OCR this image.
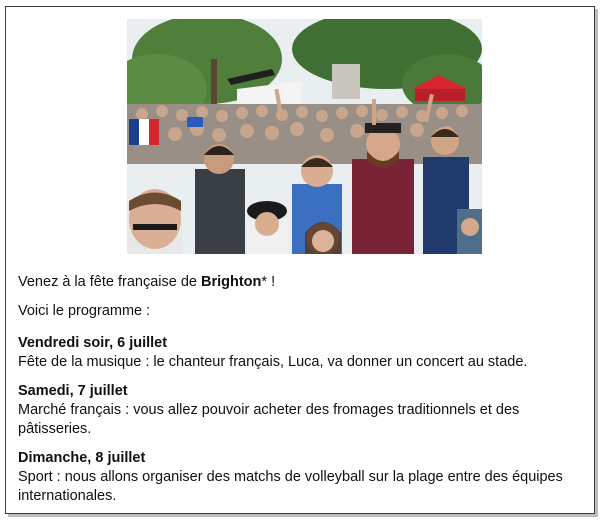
Venez à la fête française de Brighton* !

Voici le programme :

Vendredi soir, 6 juillet

Fête de la musique : le chanteur français, Luca, va donner un concert au stade.

Samedi, 7 juillet

Marché français : vous allez pouvoir acheter des fromages traditionnels et des pâtisseries.

Dimanche, 8 juillet

Sport : nous allons organiser des matchs de volleyball sur la plage entre des équipes internationales.
